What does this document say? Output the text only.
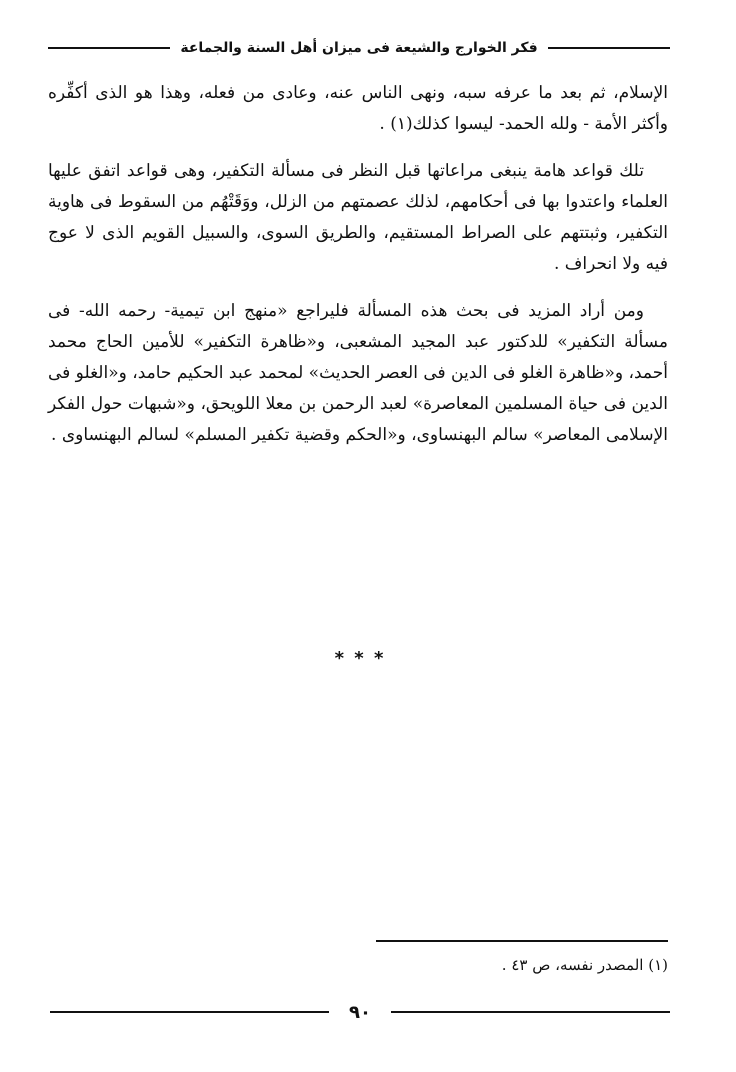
فكر الخوارج والشيعة فى ميزان أهل السنة والجماعة

الإسلام، ثم بعد ما عرفه سبه، ونهى الناس عنه، وعادى من فعله، وهذا هو الذى أكفِّره وأكثر الأمة - ولله الحمد- ليسوا كذلك(١) .

تلك قواعد هامة ينبغى مراعاتها قبل النظر فى مسألة التكفير، وهى قواعد اتفق عليها العلماء واعتدوا بها فى أحكامهم، لذلك عصمتهم من الزلل، ووَقَتْهُم من السقوط فى هاوية التكفير، وثبتتهم على الصراط المستقيم، والطريق السوى، والسبيل القويم الذى لا عوج فيه ولا انحراف .

ومن أراد المزيد فى بحث هذه المسألة فليراجع «منهج ابن تيمية- رحمه الله- فى مسألة التكفير» للدكتور عبد المجيد المشعبى، و«ظاهرة التكفير» للأمين الحاج محمد أحمد، و«ظاهرة الغلو فى الدين فى العصر الحديث» لمحمد عبد الحكيم حامد، و«الغلو فى الدين فى حياة المسلمين المعاصرة» لعبد الرحمن بن معلا اللويحق، و«شبهات حول الفكر الإسلامى المعاصر» سالم البهنساوى، و«الحكم وقضية تكفير المسلم» لسالم البهنساوى .

* * *
(١) المصدر نفسه، ص ٤٣ .
٩٠
